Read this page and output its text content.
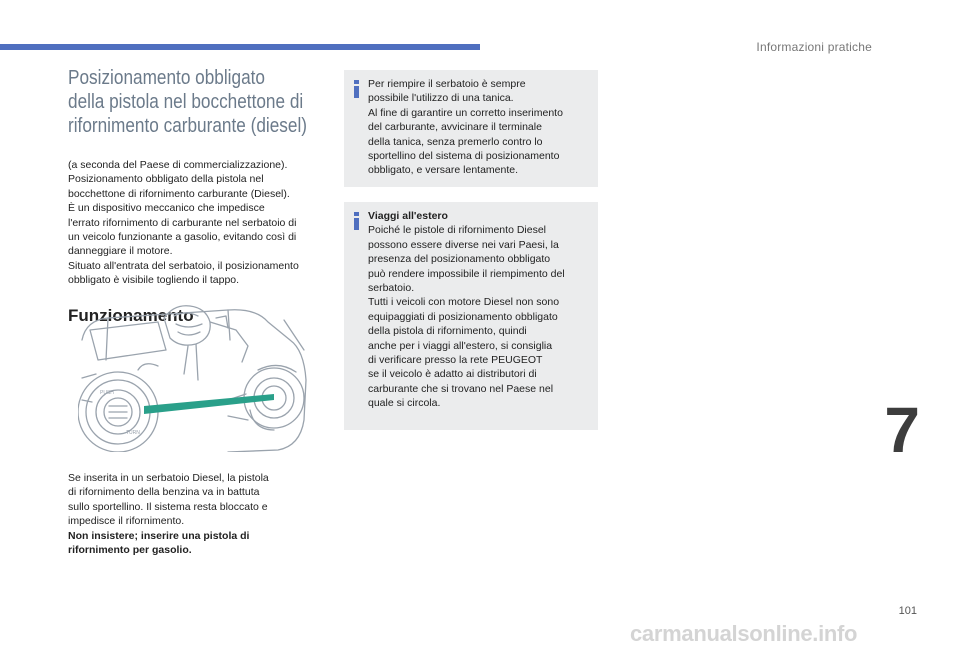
Informazioni pratiche
Posizionamento obbligato
della pistola nel bocchettone di
rifornimento carburante (diesel)

(a seconda del Paese di commercializzazione).

Posizionamento obbligato della pistola nel

bocchettone di rifornimento carburante (Diesel).

È un dispositivo meccanico che impedisce

l'errato rifornimento di carburante nel serbatoio di

un veicolo funzionante a gasolio, evitando così di

danneggiare il motore.

Situato all'entrata del serbatoio, il posizionamento

obbligato è visibile togliendo il tappo.

Funzionamento
PUSH
TURN

Se inserita in un serbatoio Diesel, la pistola

di rifornimento della benzina va in battuta

sullo sportellino. Il sistema resta bloccato e

impedisce il rifornimento.

Non insistere; inserire una pistola di

rifornimento per gasolio.

Per riempire il serbatoio è sempre

possibile l'utilizzo di una tanica.

Al fine di garantire un corretto inserimento

del carburante, avvicinare il terminale

della tanica, senza premerlo contro lo

sportellino del sistema di posizionamento

obbligato, e versare lentamente.

Viaggi all'estero

Poiché le pistole di rifornimento Diesel

possono essere diverse nei vari Paesi, la

presenza del posizionamento obbligato

può rendere impossibile il riempimento del

serbatoio.

Tutti i veicoli con motore Diesel non sono

equipaggiati di posizionamento obbligato

della pistola di rifornimento, quindi

anche per i viaggi all'estero, si consiglia

di verificare presso la rete PEUGEOT

se il veicolo è adatto ai distributori di

carburante che si trovano nel Paese nel

quale si circola.	7
101
carmanualsonline.info
